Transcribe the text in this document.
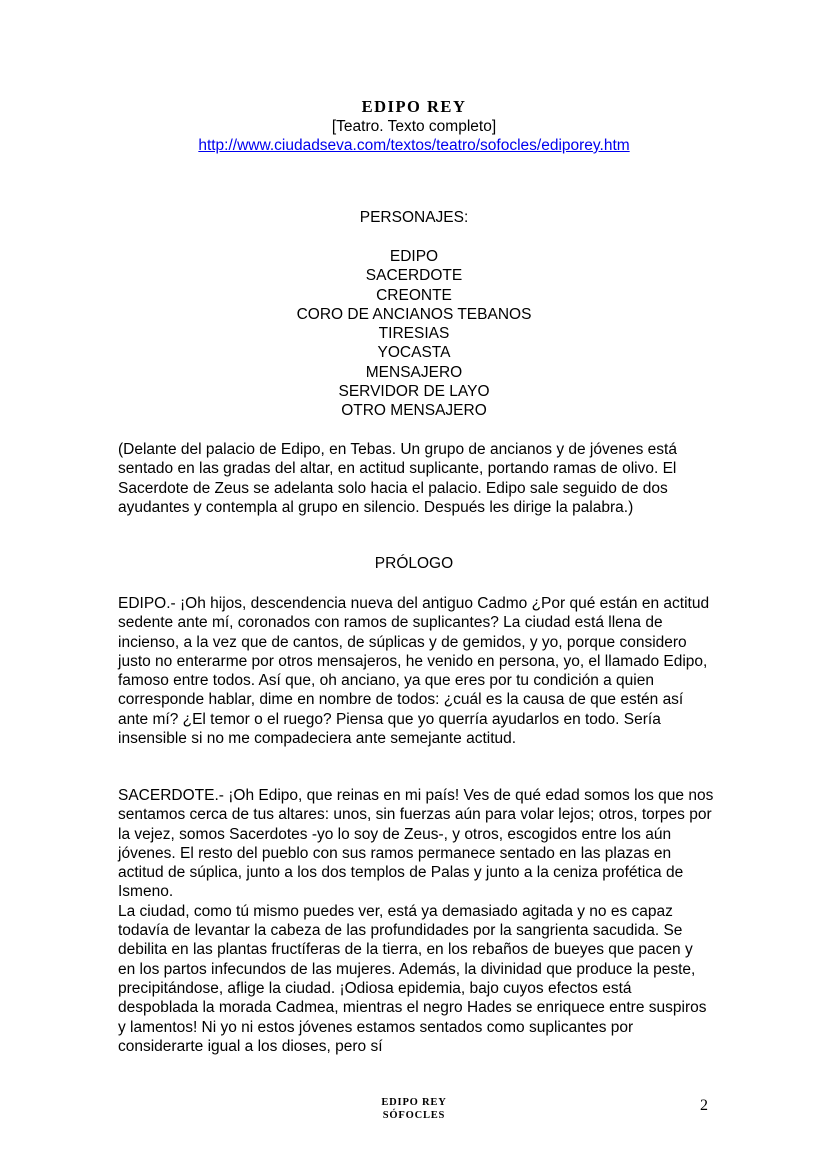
EDIPO REY
[Teatro. Texto completo]
http://www.ciudadseva.com/textos/teatro/sofocles/ediporey.htm
PERSONAJES:
EDIPO
SACERDOTE
CREONTE
CORO DE ANCIANOS TEBANOS
TIRESIAS
YOCASTA
MENSAJERO
SERVIDOR DE LAYO
OTRO MENSAJERO

(Delante del palacio de Edipo, en Tebas. Un grupo de ancianos y de jóvenes está sentado en las gradas del altar, en actitud suplicante, portando ramas de olivo. El Sacerdote de Zeus se adelanta solo hacia el palacio. Edipo sale seguido de dos ayudantes y contempla al grupo en silencio. Después les dirige la palabra.)

PRÓLOGO

EDIPO.- ¡Oh hijos, descendencia nueva del antiguo Cadmo ¿Por qué están en actitud sedente ante mí, coronados con ramos de suplicantes? La ciudad está llena de incienso, a la vez que de cantos, de súplicas y de gemidos, y yo, porque considero justo no enterarme por otros mensajeros, he venido en persona, yo, el llamado Edipo, famoso entre todos. Así que, oh anciano, ya que eres por tu condición a quien corresponde hablar, dime en nombre de todos: ¿cuál es la causa de que estén así ante mí? ¿El temor o el ruego? Piensa que yo querría ayudarlos en todo. Sería insensible si no me compadeciera ante semejante actitud.

SACERDOTE.- ¡Oh Edipo, que reinas en mi país! Ves de qué edad somos los que nos sentamos cerca de tus altares: unos, sin fuerzas aún para volar lejos; otros, torpes por la vejez, somos Sacerdotes -yo lo soy de Zeus-, y otros, escogidos entre los aún jóvenes. El resto del pueblo con sus ramos permanece sentado en las plazas en actitud de súplica, junto a los dos templos de Palas y junto a la ceniza profética de Ismeno.
La ciudad, como tú mismo puedes ver, está ya demasiado agitada y no es capaz todavía de levantar la cabeza de las profundidades por la sangrienta sacudida. Se debilita en las plantas fructíferas de la tierra, en los rebaños de bueyes que pacen y en los partos infecundos de las mujeres. Además, la divinidad que produce la peste, precipitándose, aflige la ciudad. ¡Odiosa epidemia, bajo cuyos efectos está despoblada la morada Cadmea, mientras el negro Hades se enriquece entre suspiros y lamentos! Ni yo ni estos jóvenes estamos sentados como suplicantes por considerarte igual a los dioses, pero sí
EDIPO REY
SÓFOCLES
2
